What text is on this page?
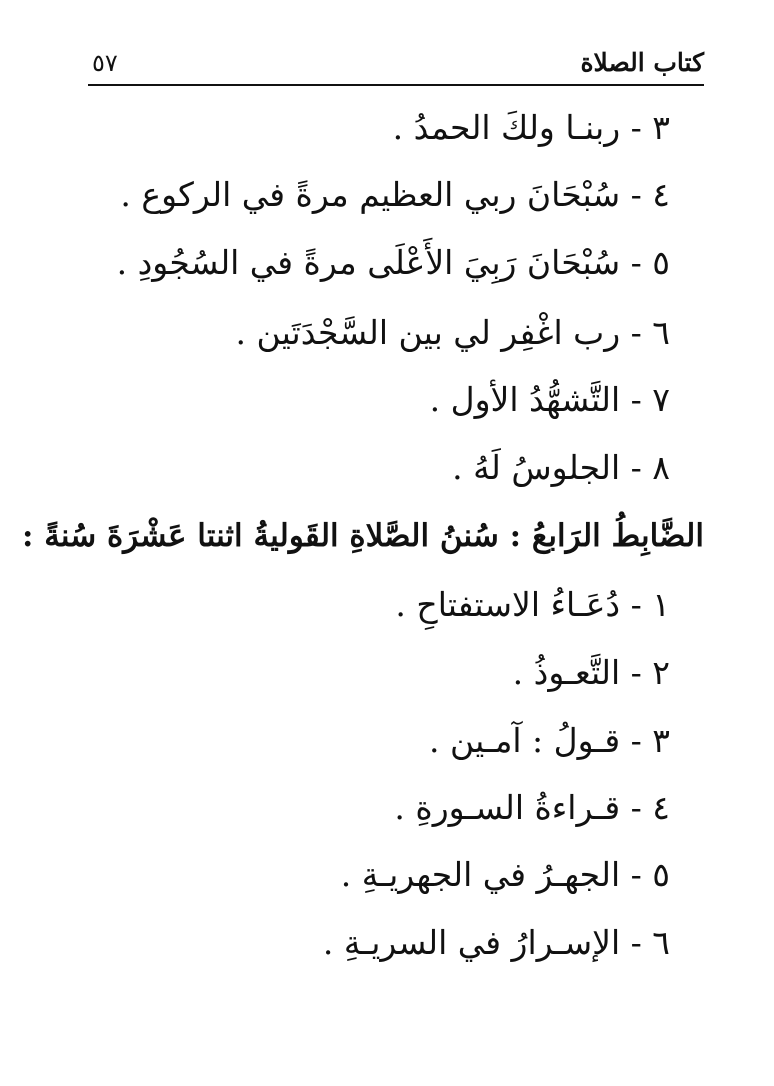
٥٧	كتاب الصلاة
٣ - ربنـا ولكَ الحمدُ .
٤ - سُبْحَانَ ربي العظيم مرةً في الركوع .
٥ - سُبْحَانَ رَبِيَ الأَعْلَى مرةً في السُجُودِ .
٦ - رب اغْفِر لي بين السَّجْدَتَين .
٧ - التَّشهُّدُ الأول .
٨ - الجلوسُ لَهُ .
الضَّابِطُ الرَابعُ : سُننُ الصَّلاةِ القَوليةُ اثنتا عَشْرَةَ سُنةً :
١ - دُعَـاءُ الاستفتاحِ .
٢ - التَّعـوذُ .
٣ - قـولُ : آمـين .
٤ - قـراءةُ السـورةِ .
٥ - الجهـرُ في الجهريـةِ .
٦ - الإسـرارُ في السريـةِ .
